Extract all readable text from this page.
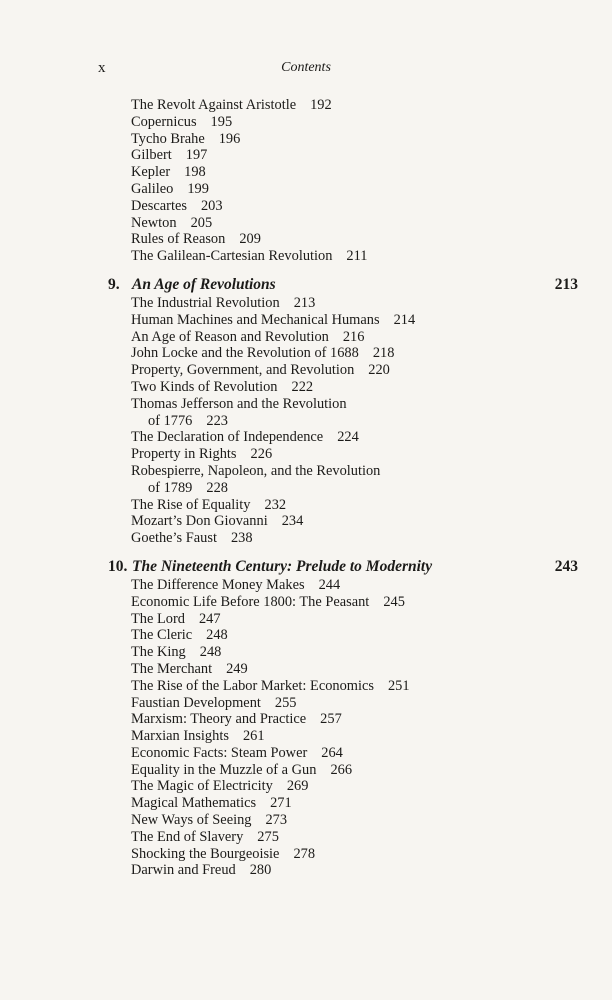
x	Contents
The Revolt Against Aristotle 192
Copernicus 195
Tycho Brahe 196
Gilbert 197
Kepler 198
Galileo 199
Descartes 203
Newton 205
Rules of Reason 209
The Galilean-Cartesian Revolution 211
9. An Age of Revolutions	213
The Industrial Revolution 213
Human Machines and Mechanical Humans 214
An Age of Reason and Revolution 216
John Locke and the Revolution of 1688 218
Property, Government, and Revolution 220
Two Kinds of Revolution 222
Thomas Jefferson and the Revolution
of 1776 223
The Declaration of Independence 224
Property in Rights 226
Robespierre, Napoleon, and the Revolution
of 1789 228
The Rise of Equality 232
Mozart’s Don Giovanni 234
Goethe’s Faust 238
10. The Nineteenth Century: Prelude to Modernity	243
The Difference Money Makes 244
Economic Life Before 1800: The Peasant 245
The Lord 247
The Cleric 248
The King 248
The Merchant 249
The Rise of the Labor Market: Economics 251
Faustian Development 255
Marxism: Theory and Practice 257
Marxian Insights 261
Economic Facts: Steam Power 264
Equality in the Muzzle of a Gun 266
The Magic of Electricity 269
Magical Mathematics 271
New Ways of Seeing 273
The End of Slavery 275
Shocking the Bourgeoisie 278
Darwin and Freud 280
